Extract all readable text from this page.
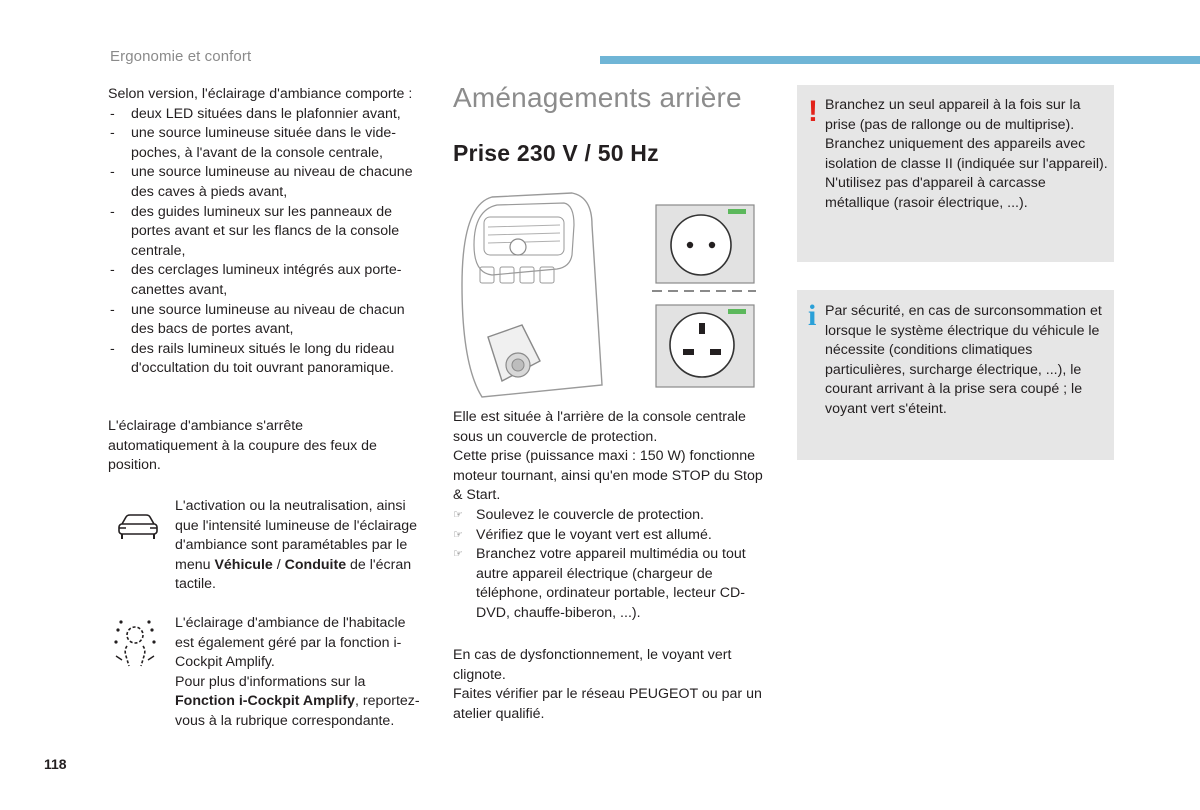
Ergonomie et confort

Selon version, l'éclairage d'ambiance comporte :

- deux LED situées dans le plafonnier avant,
- une source lumineuse située dans le vide-poches, à l'avant de la console centrale,
- une source lumineuse au niveau de chacune des caves à pieds avant,
- des guides lumineux sur les panneaux de portes avant et sur les flancs de la console centrale,
- des cerclages lumineux intégrés aux porte-canettes avant,
- une source lumineuse au niveau de chacun des bacs de portes avant,
- des rails lumineux situés le long du rideau d'occultation du toit ouvrant panoramique.
L'éclairage d'ambiance s'arrête automatiquement à la coupure des feux de position.
L'activation ou la neutralisation, ainsi que l'intensité lumineuse de l'éclairage d'ambiance sont paramétables par le menu Véhicule / Conduite de l'écran tactile.

L'éclairage d'ambiance de l'habitacle est également géré par la fonction i-Cockpit Amplify.

Pour plus d'informations sur la Fonction i-Cockpit Amplify, reportez-vous à la rubrique correspondante.

Aménagements arrière
Prise 230 V / 50 Hz

Elle est située à l'arrière de la console centrale sous un couvercle de protection.

Cette prise (puissance maxi : 150 W) fonctionne moteur tournant, ainsi qu'en mode STOP du Stop & Start.

☞ Soulevez le couvercle de protection.
☞ Vérifiez que le voyant vert est allumé.
☞ Branchez votre appareil multimédia ou tout autre appareil électrique (chargeur de téléphone, ordinateur portable, lecteur CD-DVD, chauffe-biberon, ...).

En cas de dysfonctionnement, le voyant vert clignote.

Faites vérifier par le réseau PEUGEOT ou par un atelier qualifié.

! Branchez un seul appareil à la fois sur la prise (pas de rallonge ou de multiprise).

Branchez uniquement des appareils avec isolation de classe II (indiquée sur l'appareil).

N'utilisez pas d'appareil à carcasse métallique (rasoir électrique, ...).

i Par sécurité, en cas de surconsommation et lorsque le système électrique du véhicule le nécessite (conditions climatiques particulières, surcharge électrique, ...), le courant arrivant à la prise sera coupé ; le voyant vert s'éteint.
118
